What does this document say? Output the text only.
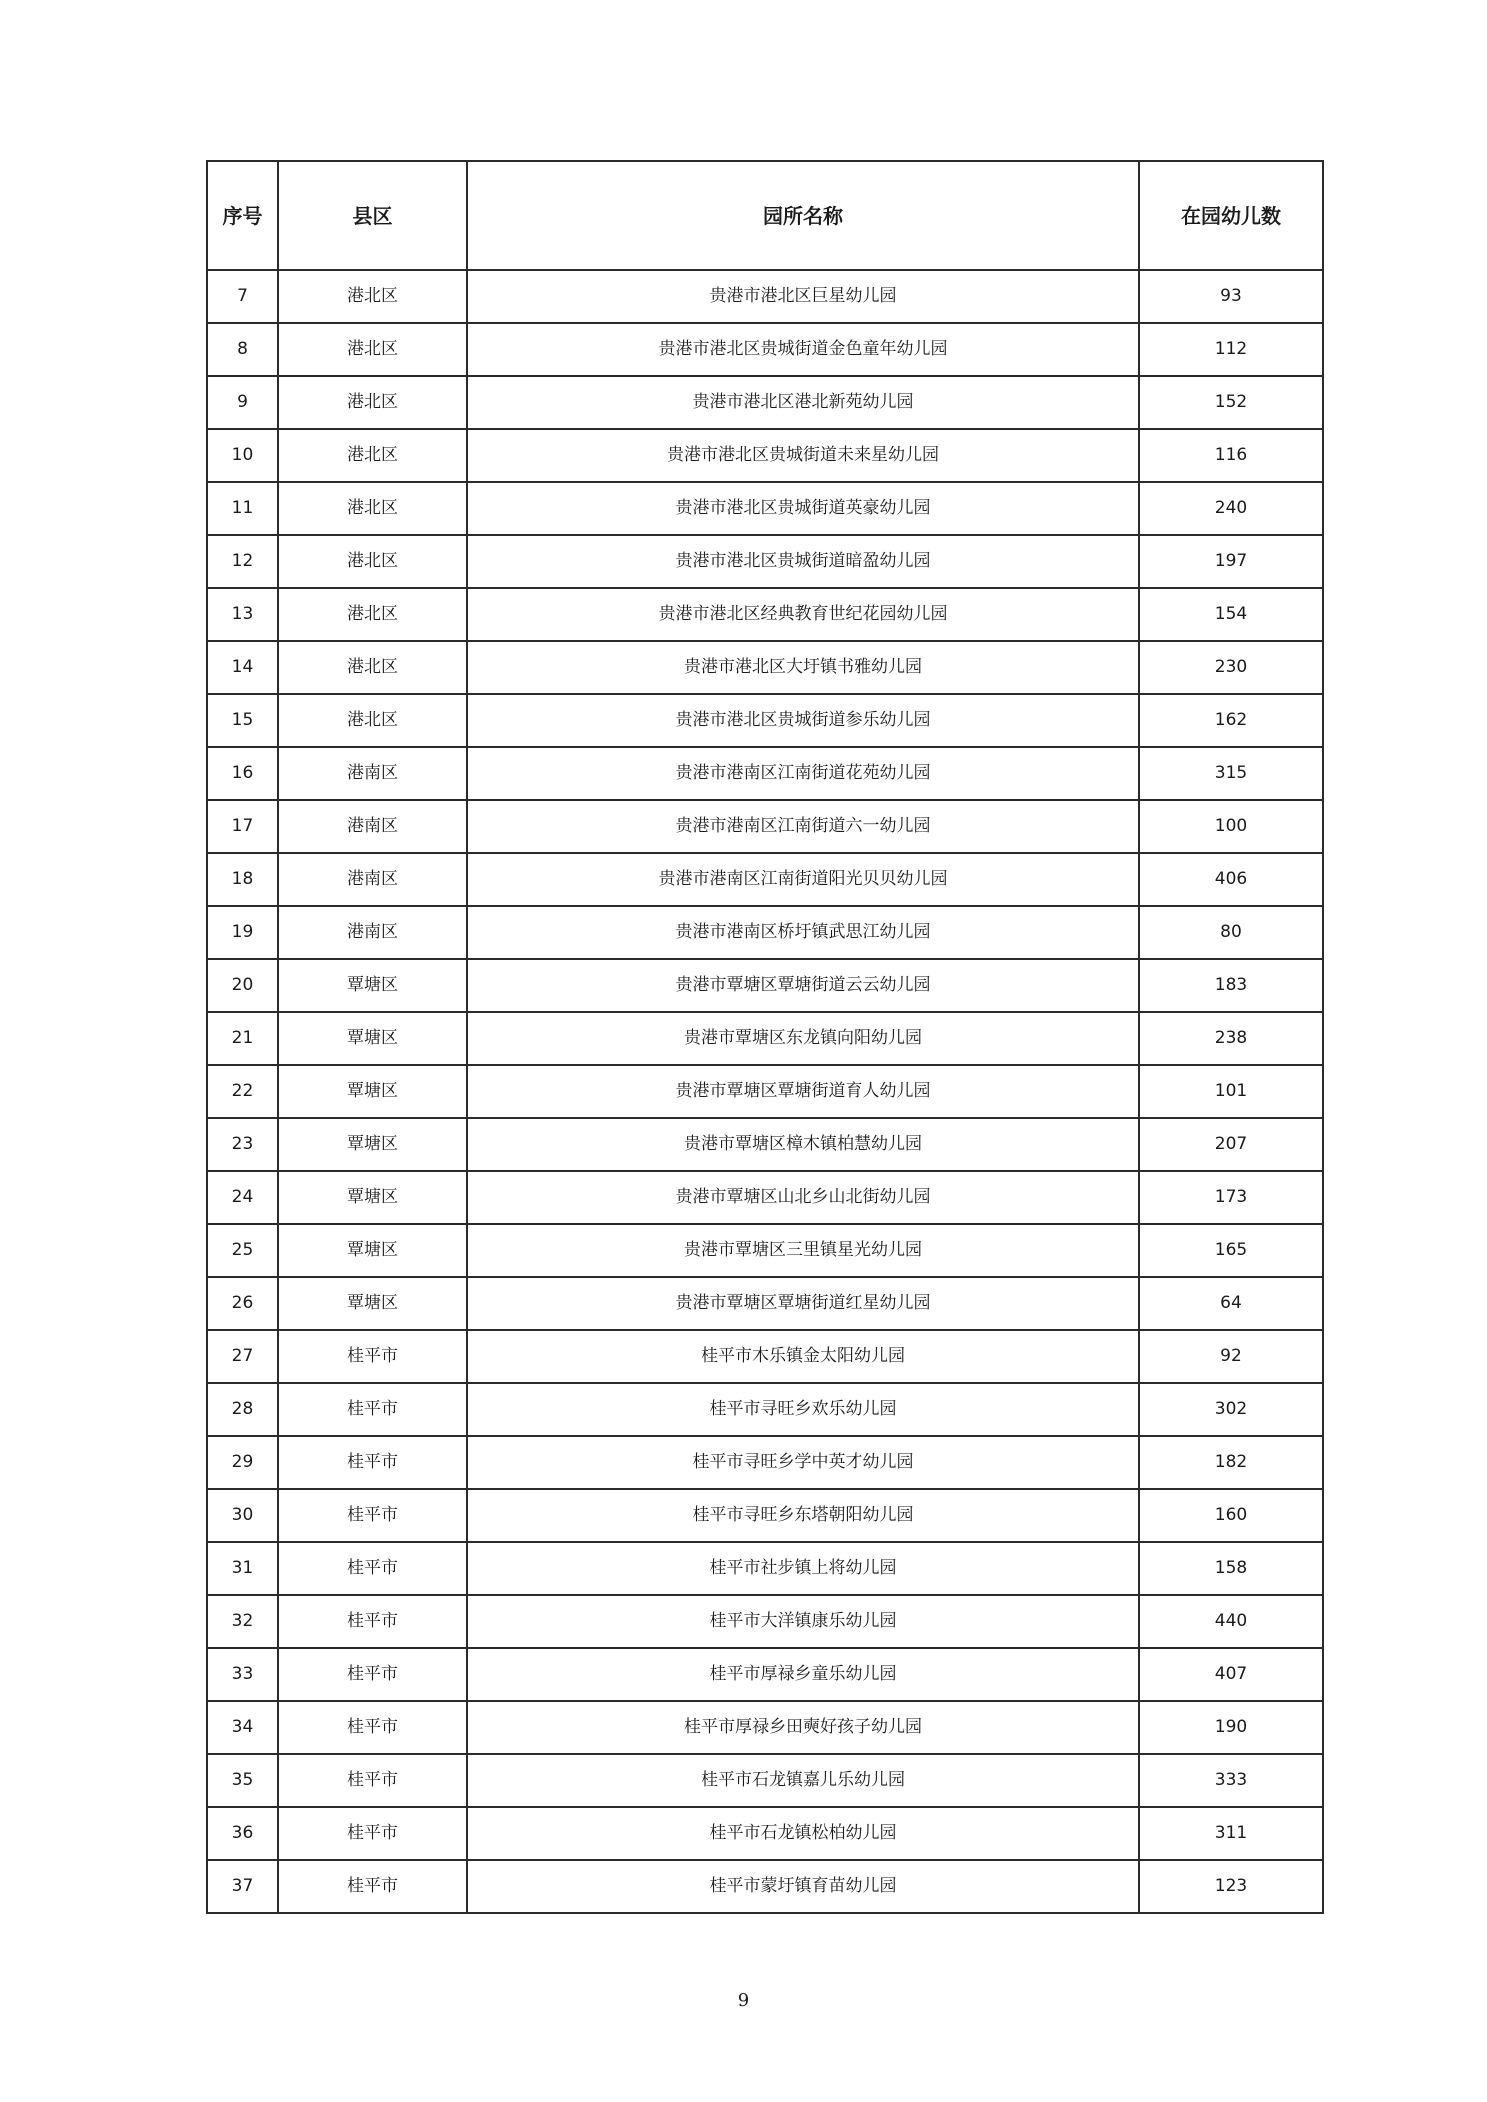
序号	县区	园所名称	在园幼儿数
7	港北区	贵港市港北区巨星幼儿园	93
8	港北区	贵港市港北区贵城街道金色童年幼儿园	112
9	港北区	贵港市港北区港北新苑幼儿园	152
10	港北区	贵港市港北区贵城街道未来星幼儿园	116
11	港北区	贵港市港北区贵城街道英豪幼儿园	240
12	港北区	贵港市港北区贵城街道暗盈幼儿园	197
13	港北区	贵港市港北区经典教育世纪花园幼儿园	154
14	港北区	贵港市港北区大圩镇书雅幼儿园	230
15	港北区	贵港市港北区贵城街道参乐幼儿园	162
16	港南区	贵港市港南区江南街道花苑幼儿园	315
17	港南区	贵港市港南区江南街道六一幼儿园	100
18	港南区	贵港市港南区江南街道阳光贝贝幼儿园	406
19	港南区	贵港市港南区桥圩镇武思江幼儿园	80
20	覃塘区	贵港市覃塘区覃塘街道云云幼儿园	183
21	覃塘区	贵港市覃塘区东龙镇向阳幼儿园	238
22	覃塘区	贵港市覃塘区覃塘街道育人幼儿园	101
23	覃塘区	贵港市覃塘区樟木镇柏慧幼儿园	207
24	覃塘区	贵港市覃塘区山北乡山北街幼儿园	173
25	覃塘区	贵港市覃塘区三里镇星光幼儿园	165
26	覃塘区	贵港市覃塘区覃塘街道红星幼儿园	64
27	桂平市	桂平市木乐镇金太阳幼儿园	92
28	桂平市	桂平市寻旺乡欢乐幼儿园	302
29	桂平市	桂平市寻旺乡学中英才幼儿园	182
30	桂平市	桂平市寻旺乡东塔朝阳幼儿园	160
31	桂平市	桂平市社步镇上将幼儿园	158
32	桂平市	桂平市大洋镇康乐幼儿园	440
33	桂平市	桂平市厚禄乡童乐幼儿园	407
34	桂平市	桂平市厚禄乡田奭好孩子幼儿园	190
35	桂平市	桂平市石龙镇嘉儿乐幼儿园	333
36	桂平市	桂平市石龙镇松柏幼儿园	311
37	桂平市	桂平市蒙圩镇育苗幼儿园	123
9
